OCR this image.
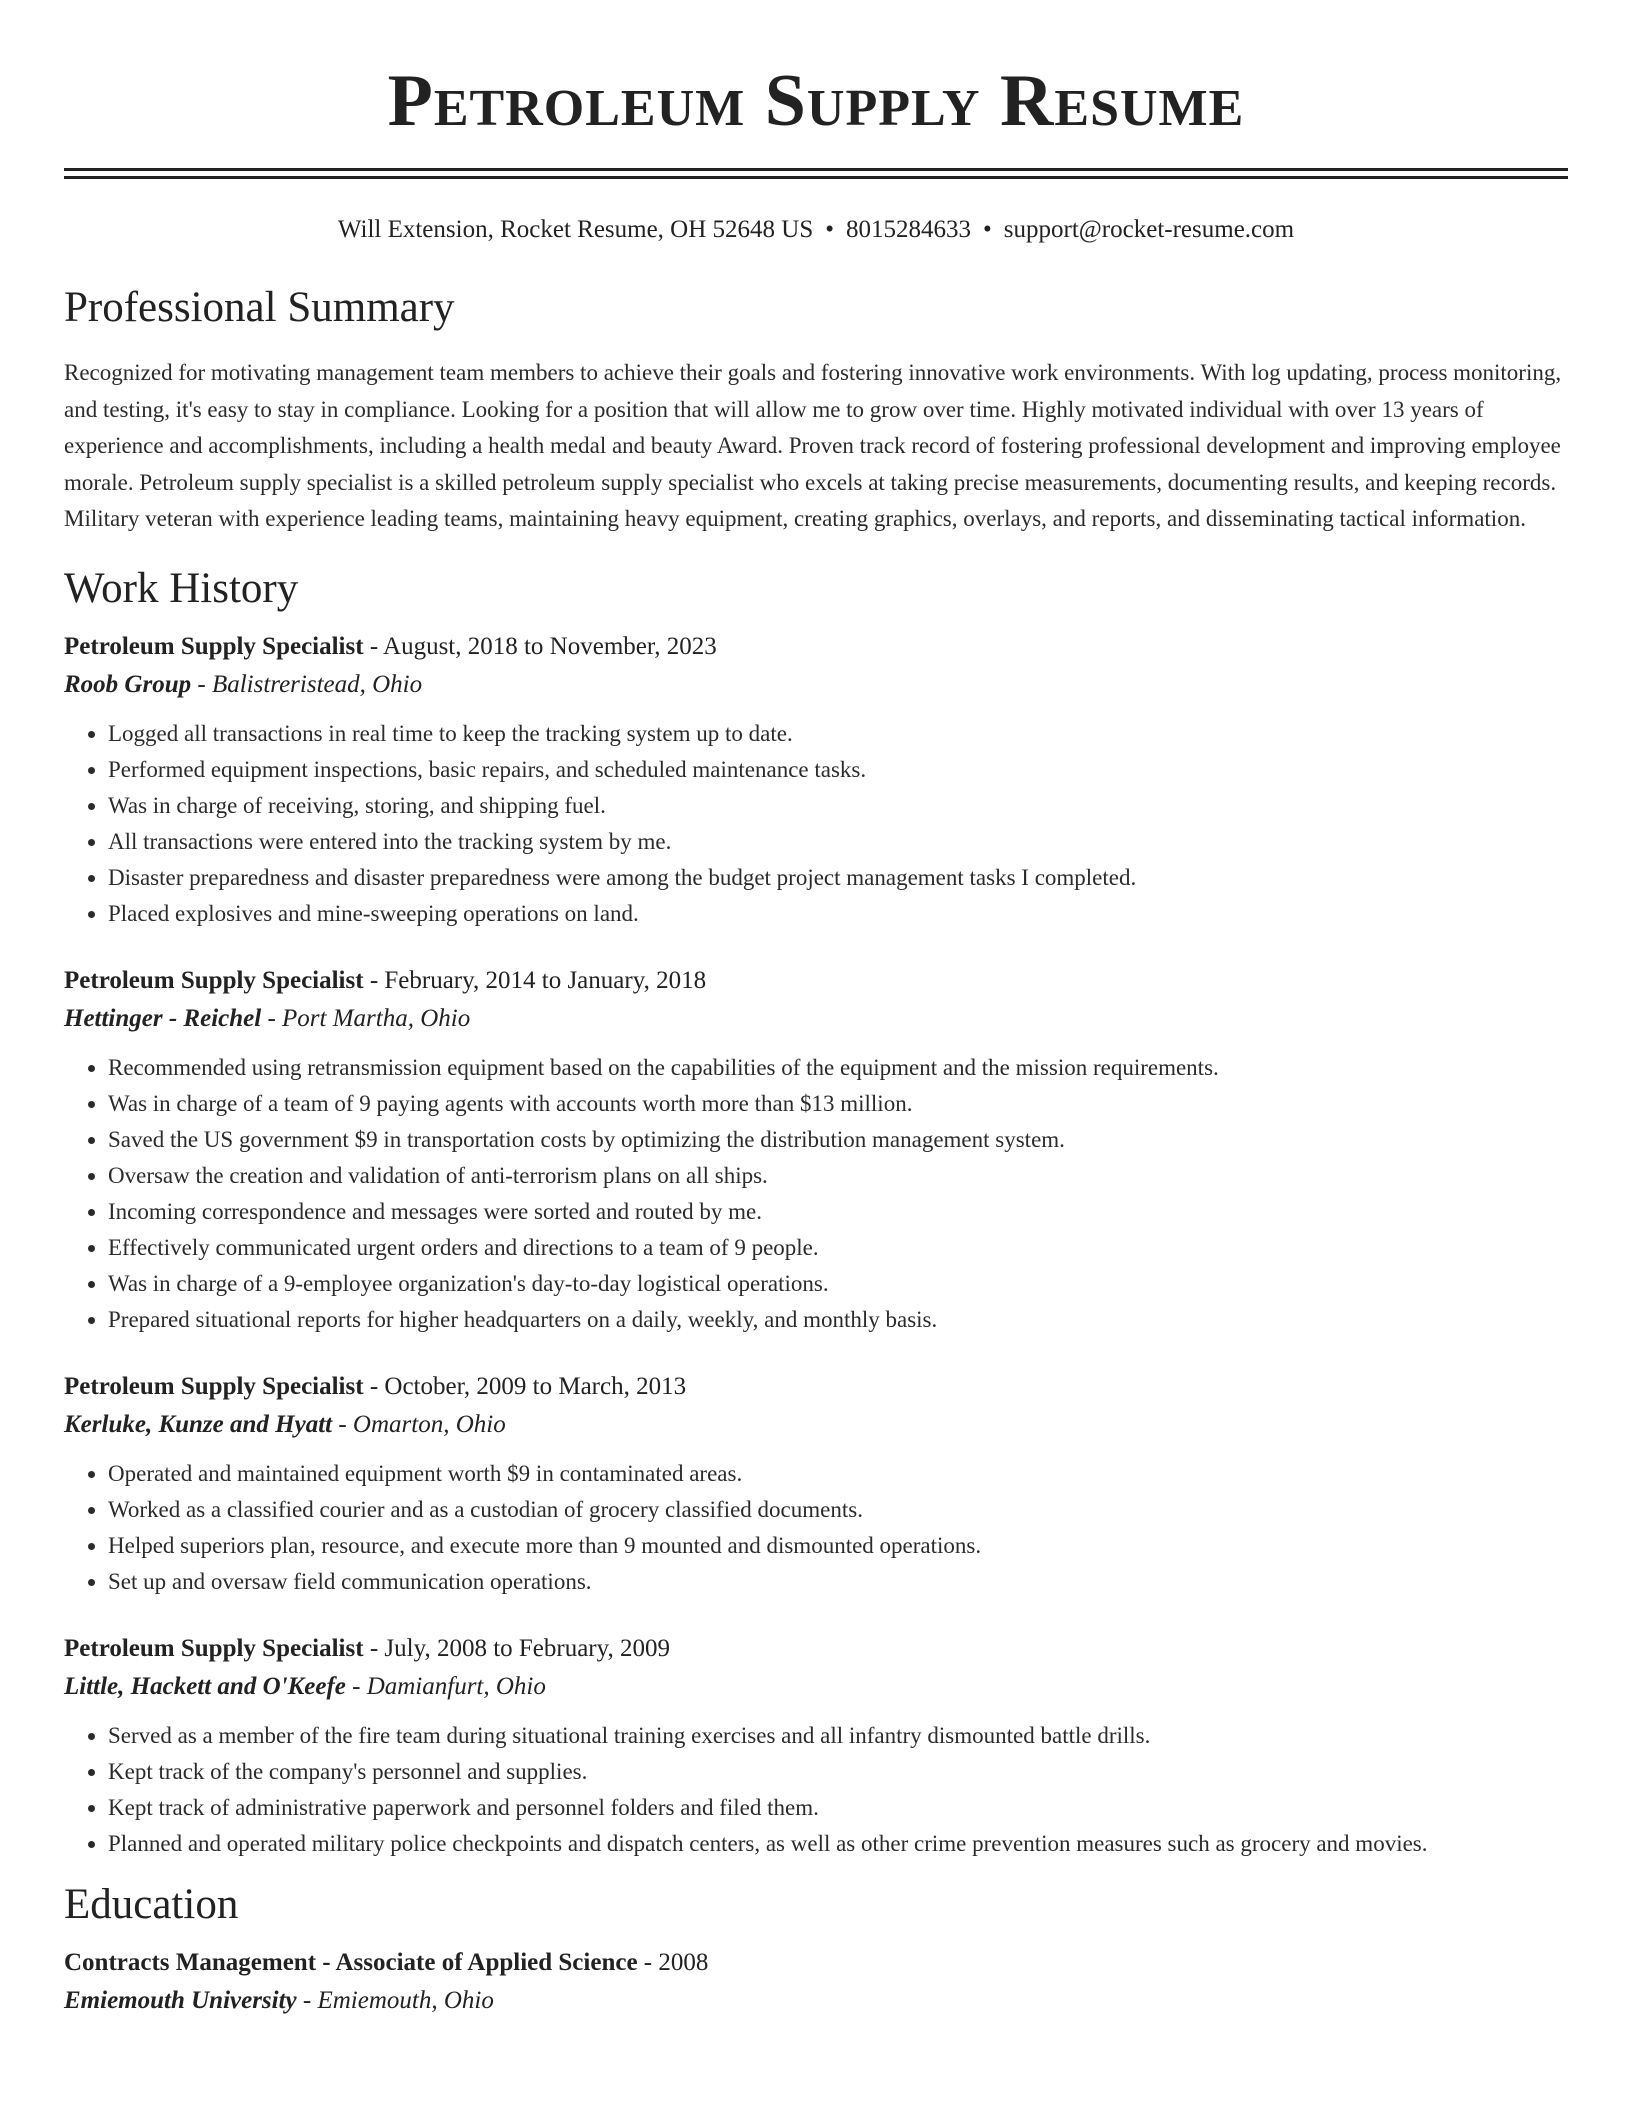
Petroleum Supply Resume
Will Extension, Rocket Resume, OH 52648 US • 8015284633 • support@rocket-resume.com
Professional Summary
Recognized for motivating management team members to achieve their goals and fostering innovative work environments. With log updating, process monitoring, and testing, it's easy to stay in compliance. Looking for a position that will allow me to grow over time. Highly motivated individual with over 13 years of experience and accomplishments, including a health medal and beauty Award. Proven track record of fostering professional development and improving employee morale. Petroleum supply specialist is a skilled petroleum supply specialist who excels at taking precise measurements, documenting results, and keeping records. Military veteran with experience leading teams, maintaining heavy equipment, creating graphics, overlays, and reports, and disseminating tactical information.
Work History
Petroleum Supply Specialist - August, 2018 to November, 2023
Roob Group - Balistreristead, Ohio
• Logged all transactions in real time to keep the tracking system up to date.
• Performed equipment inspections, basic repairs, and scheduled maintenance tasks.
• Was in charge of receiving, storing, and shipping fuel.
• All transactions were entered into the tracking system by me.
• Disaster preparedness and disaster preparedness were among the budget project management tasks I completed.
• Placed explosives and mine-sweeping operations on land.
Petroleum Supply Specialist - February, 2014 to January, 2018
Hettinger - Reichel - Port Martha, Ohio
• Recommended using retransmission equipment based on the capabilities of the equipment and the mission requirements.
• Was in charge of a team of 9 paying agents with accounts worth more than $13 million.
• Saved the US government $9 in transportation costs by optimizing the distribution management system.
• Oversaw the creation and validation of anti-terrorism plans on all ships.
• Incoming correspondence and messages were sorted and routed by me.
• Effectively communicated urgent orders and directions to a team of 9 people.
• Was in charge of a 9-employee organization's day-to-day logistical operations.
• Prepared situational reports for higher headquarters on a daily, weekly, and monthly basis.
Petroleum Supply Specialist - October, 2009 to March, 2013
Kerluke, Kunze and Hyatt - Omarton, Ohio
• Operated and maintained equipment worth $9 in contaminated areas.
• Worked as a classified courier and as a custodian of grocery classified documents.
• Helped superiors plan, resource, and execute more than 9 mounted and dismounted operations.
• Set up and oversaw field communication operations.
Petroleum Supply Specialist - July, 2008 to February, 2009
Little, Hackett and O'Keefe - Damianfurt, Ohio
• Served as a member of the fire team during situational training exercises and all infantry dismounted battle drills.
• Kept track of the company's personnel and supplies.
• Kept track of administrative paperwork and personnel folders and filed them.
• Planned and operated military police checkpoints and dispatch centers, as well as other crime prevention measures such as grocery and movies.
Education
Contracts Management - Associate of Applied Science - 2008
Emiemouth University - Emiemouth, Ohio
